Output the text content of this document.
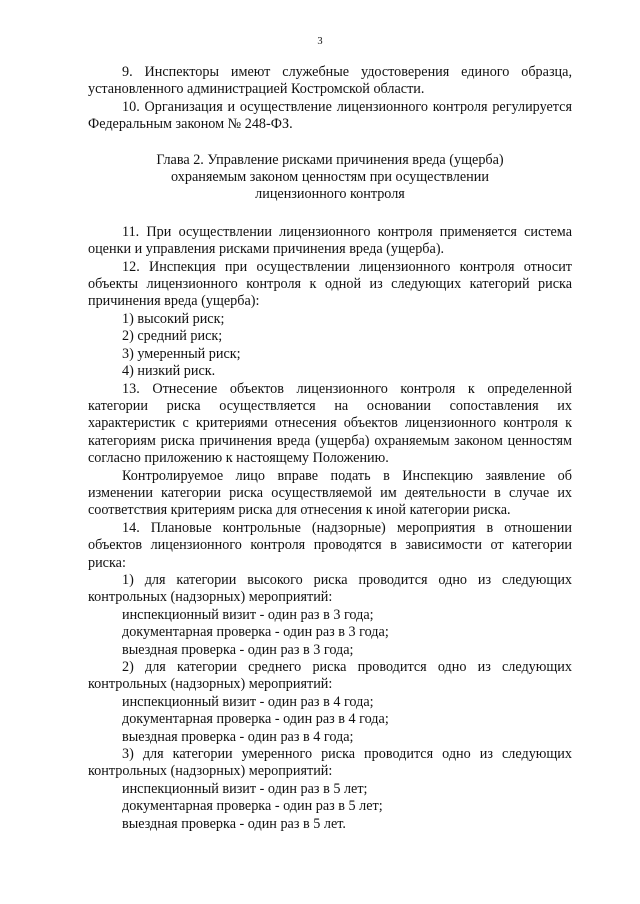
3

9. Инспекторы имеют служебные удостоверения единого образца, установленного администрацией Костромской области.

10. Организация и осуществление лицензионного контроля регулируется Федеральным законом № 248-ФЗ.

Глава 2. Управление рисками причинения вреда (ущерба)
охраняемым законом ценностям при осуществлении
лицензионного контроля

11. При осуществлении лицензионного контроля применяется система оценки и управления рисками причинения вреда (ущерба).

12. Инспекция при осуществлении лицензионного контроля относит объекты лицензионного контроля к одной из следующих категорий риска причинения вреда (ущерба):

1) высокий риск;

2) средний риск;

3) умеренный риск;

4) низкий риск.

13. Отнесение объектов лицензионного контроля к определенной категории риска осуществляется на основании сопоставления их характеристик с критериями отнесения объектов лицензионного контроля к категориям риска причинения вреда (ущерба) охраняемым законом ценностям согласно приложению к настоящему Положению.

Контролируемое лицо вправе подать в Инспекцию заявление об изменении категории риска осуществляемой им деятельности в случае их соответствия критериям риска для отнесения к иной категории риска.

14. Плановые контрольные (надзорные) мероприятия в отношении объектов лицензионного контроля проводятся в зависимости от категории риска:

1) для категории высокого риска проводится одно из следующих контрольных (надзорных) мероприятий:

инспекционный визит - один раз в 3 года;

документарная проверка - один раз в 3 года;

выездная проверка - один раз в 3 года;

2) для категории среднего риска проводится одно из следующих контрольных (надзорных) мероприятий:

инспекционный визит - один раз в 4 года;

документарная проверка - один раз в 4 года;

выездная проверка - один раз в 4 года;

3) для категории умеренного риска проводится одно из следующих контрольных (надзорных) мероприятий:

инспекционный визит - один раз в 5 лет;

документарная проверка - один раз в 5 лет;

выездная проверка - один раз в 5 лет.
